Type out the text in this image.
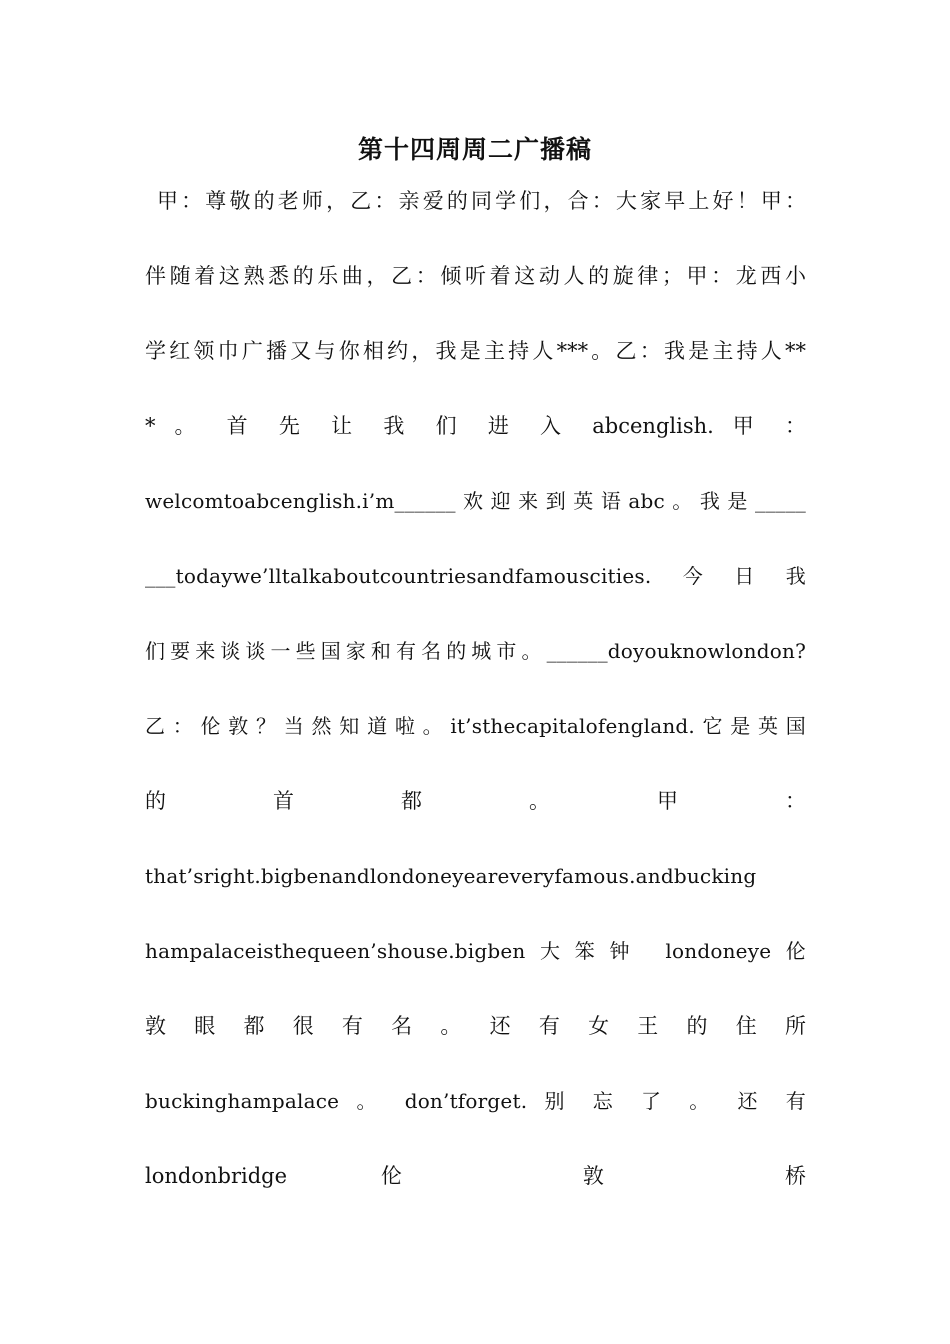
第十四周周二广播稿
甲：尊敬的老师，乙：亲爱的同学们，合：大家早上好！甲：
伴随着这熟悉的乐曲，乙：倾听着这动人的旋律；甲：龙西小
学红领巾广播又与你相约，我是主持人***。乙：我是主持人**
* 。 首 先 让 我 们 进 入 abcenglish. 甲 ：
welcomtoabcenglish.i’m______欢迎来到英语abc。我是_____
___todaywe’lltalkaboutcountriesandfamouscities.今日我
们要来谈谈一些国家和有名的城市。______doyouknowlondon?
乙：伦敦？当然知道啦。it’sthecapitalofengland.它是英国
的 首 都 。 甲 ：
that’sright.bigbenandlondoneyeareveryfamous.andbucking
hampalaceisthequeen’shouse.bigben大笨钟 londoneye伦
敦 眼 都 很 有 名 。 还 有 女 王 的 住 所
buckinghampalace 。 don’tforget. 别 忘 了 。 还 有
londonbridge 伦 敦 桥
